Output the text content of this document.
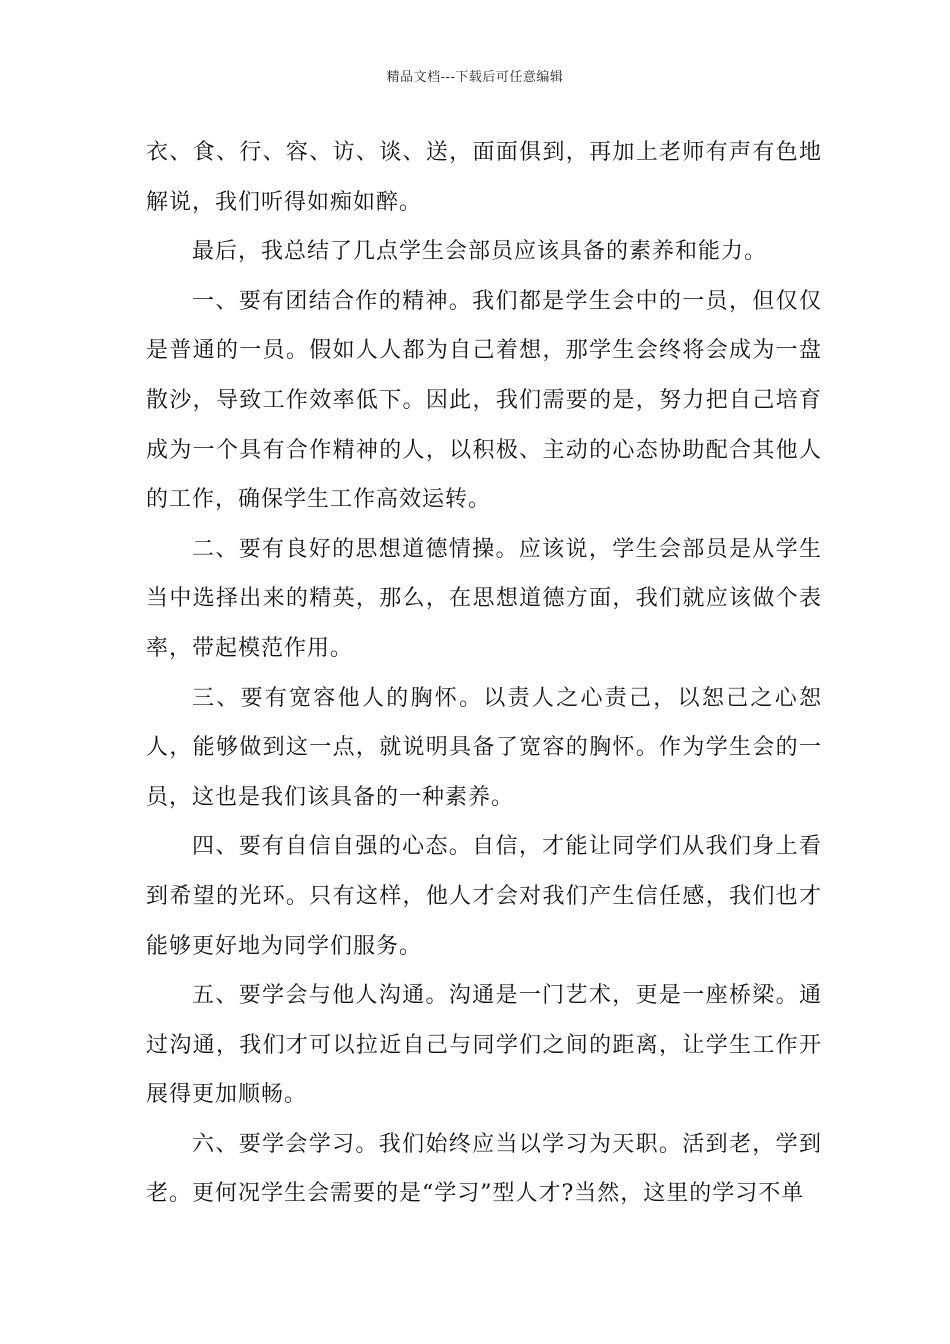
精品文档---下载后可任意编辑

衣、食、行、容、访、谈、送，面面俱到，再加上老师有声有色地解说，我们听得如痴如醉。

最后，我总结了几点学生会部员应该具备的素养和能力。

一、要有团结合作的精神。我们都是学生会中的一员，但仅仅是普通的一员。假如人人都为自己着想，那学生会终将会成为一盘散沙，导致工作效率低下。因此，我们需要的是，努力把自己培育成为一个具有合作精神的人，以积极、主动的心态协助配合其他人的工作，确保学生工作高效运转。

二、要有良好的思想道德情操。应该说，学生会部员是从学生当中选择出来的精英，那么，在思想道德方面，我们就应该做个表率，带起模范作用。

三、要有宽容他人的胸怀。以责人之心责己，以恕己之心恕人，能够做到这一点，就说明具备了宽容的胸怀。作为学生会的一员，这也是我们该具备的一种素养。

四、要有自信自强的心态。自信，才能让同学们从我们身上看到希望的光环。只有这样，他人才会对我们产生信任感，我们也才能够更好地为同学们服务。

五、要学会与他人沟通。沟通是一门艺术，更是一座桥梁。通过沟通，我们才可以拉近自己与同学们之间的距离，让学生工作开展得更加顺畅。

六、要学会学习。我们始终应当以学习为天职。活到老，学到老。更何况学生会需要的是“学习”型人才?当然，这里的学习不单
